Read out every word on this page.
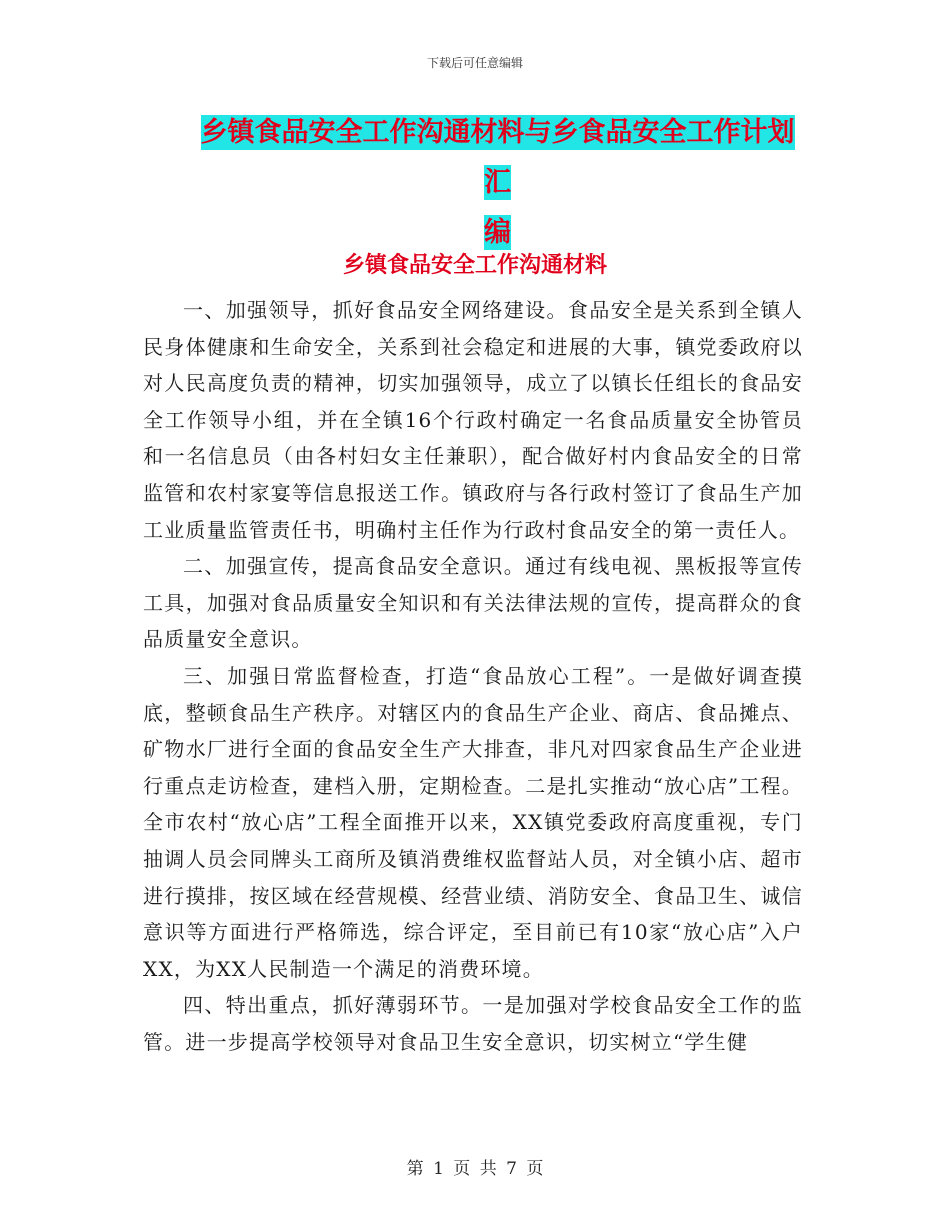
下载后可任意编辑
乡镇食品安全工作沟通材料与乡食品安全工作计划汇
编
乡镇食品安全工作沟通材料

一、加强领导，抓好食品安全网络建设。食品安全是关系到全镇人民身体健康和生命安全，关系到社会稳定和进展的大事，镇党委政府以对人民高度负责的精神，切实加强领导，成立了以镇长任组长的食品安全工作领导小组，并在全镇16个行政村确定一名食品质量安全协管员和一名信息员（由各村妇女主任兼职），配合做好村内食品安全的日常监管和农村家宴等信息报送工作。镇政府与各行政村签订了食品生产加工业质量监管责任书，明确村主任作为行政村食品安全的第一责任人。

二、加强宣传，提高食品安全意识。通过有线电视、黑板报等宣传工具，加强对食品质量安全知识和有关法律法规的宣传，提高群众的食品质量安全意识。

三、加强日常监督检查，打造“食品放心工程”。一是做好调查摸底，整顿食品生产秩序。对辖区内的食品生产企业、商店、食品摊点、矿物水厂进行全面的食品安全生产大排查，非凡对四家食品生产企业进行重点走访检查，建档入册，定期检查。二是扎实推动“放心店”工程。全市农村“放心店”工程全面推开以来，XX镇党委政府高度重视，专门抽调人员会同牌头工商所及镇消费维权监督站人员，对全镇小店、超市进行摸排，按区域在经营规模、经营业绩、消防安全、食品卫生、诚信意识等方面进行严格筛选，综合评定，至目前已有10家“放心店”入户XX，为XX人民制造一个满足的消费环境。

四、特出重点，抓好薄弱环节。一是加强对学校食品安全工作的监管。进一步提高学校领导对食品卫生安全意识，切实树立“学生健

第 1 页 共 7 页
